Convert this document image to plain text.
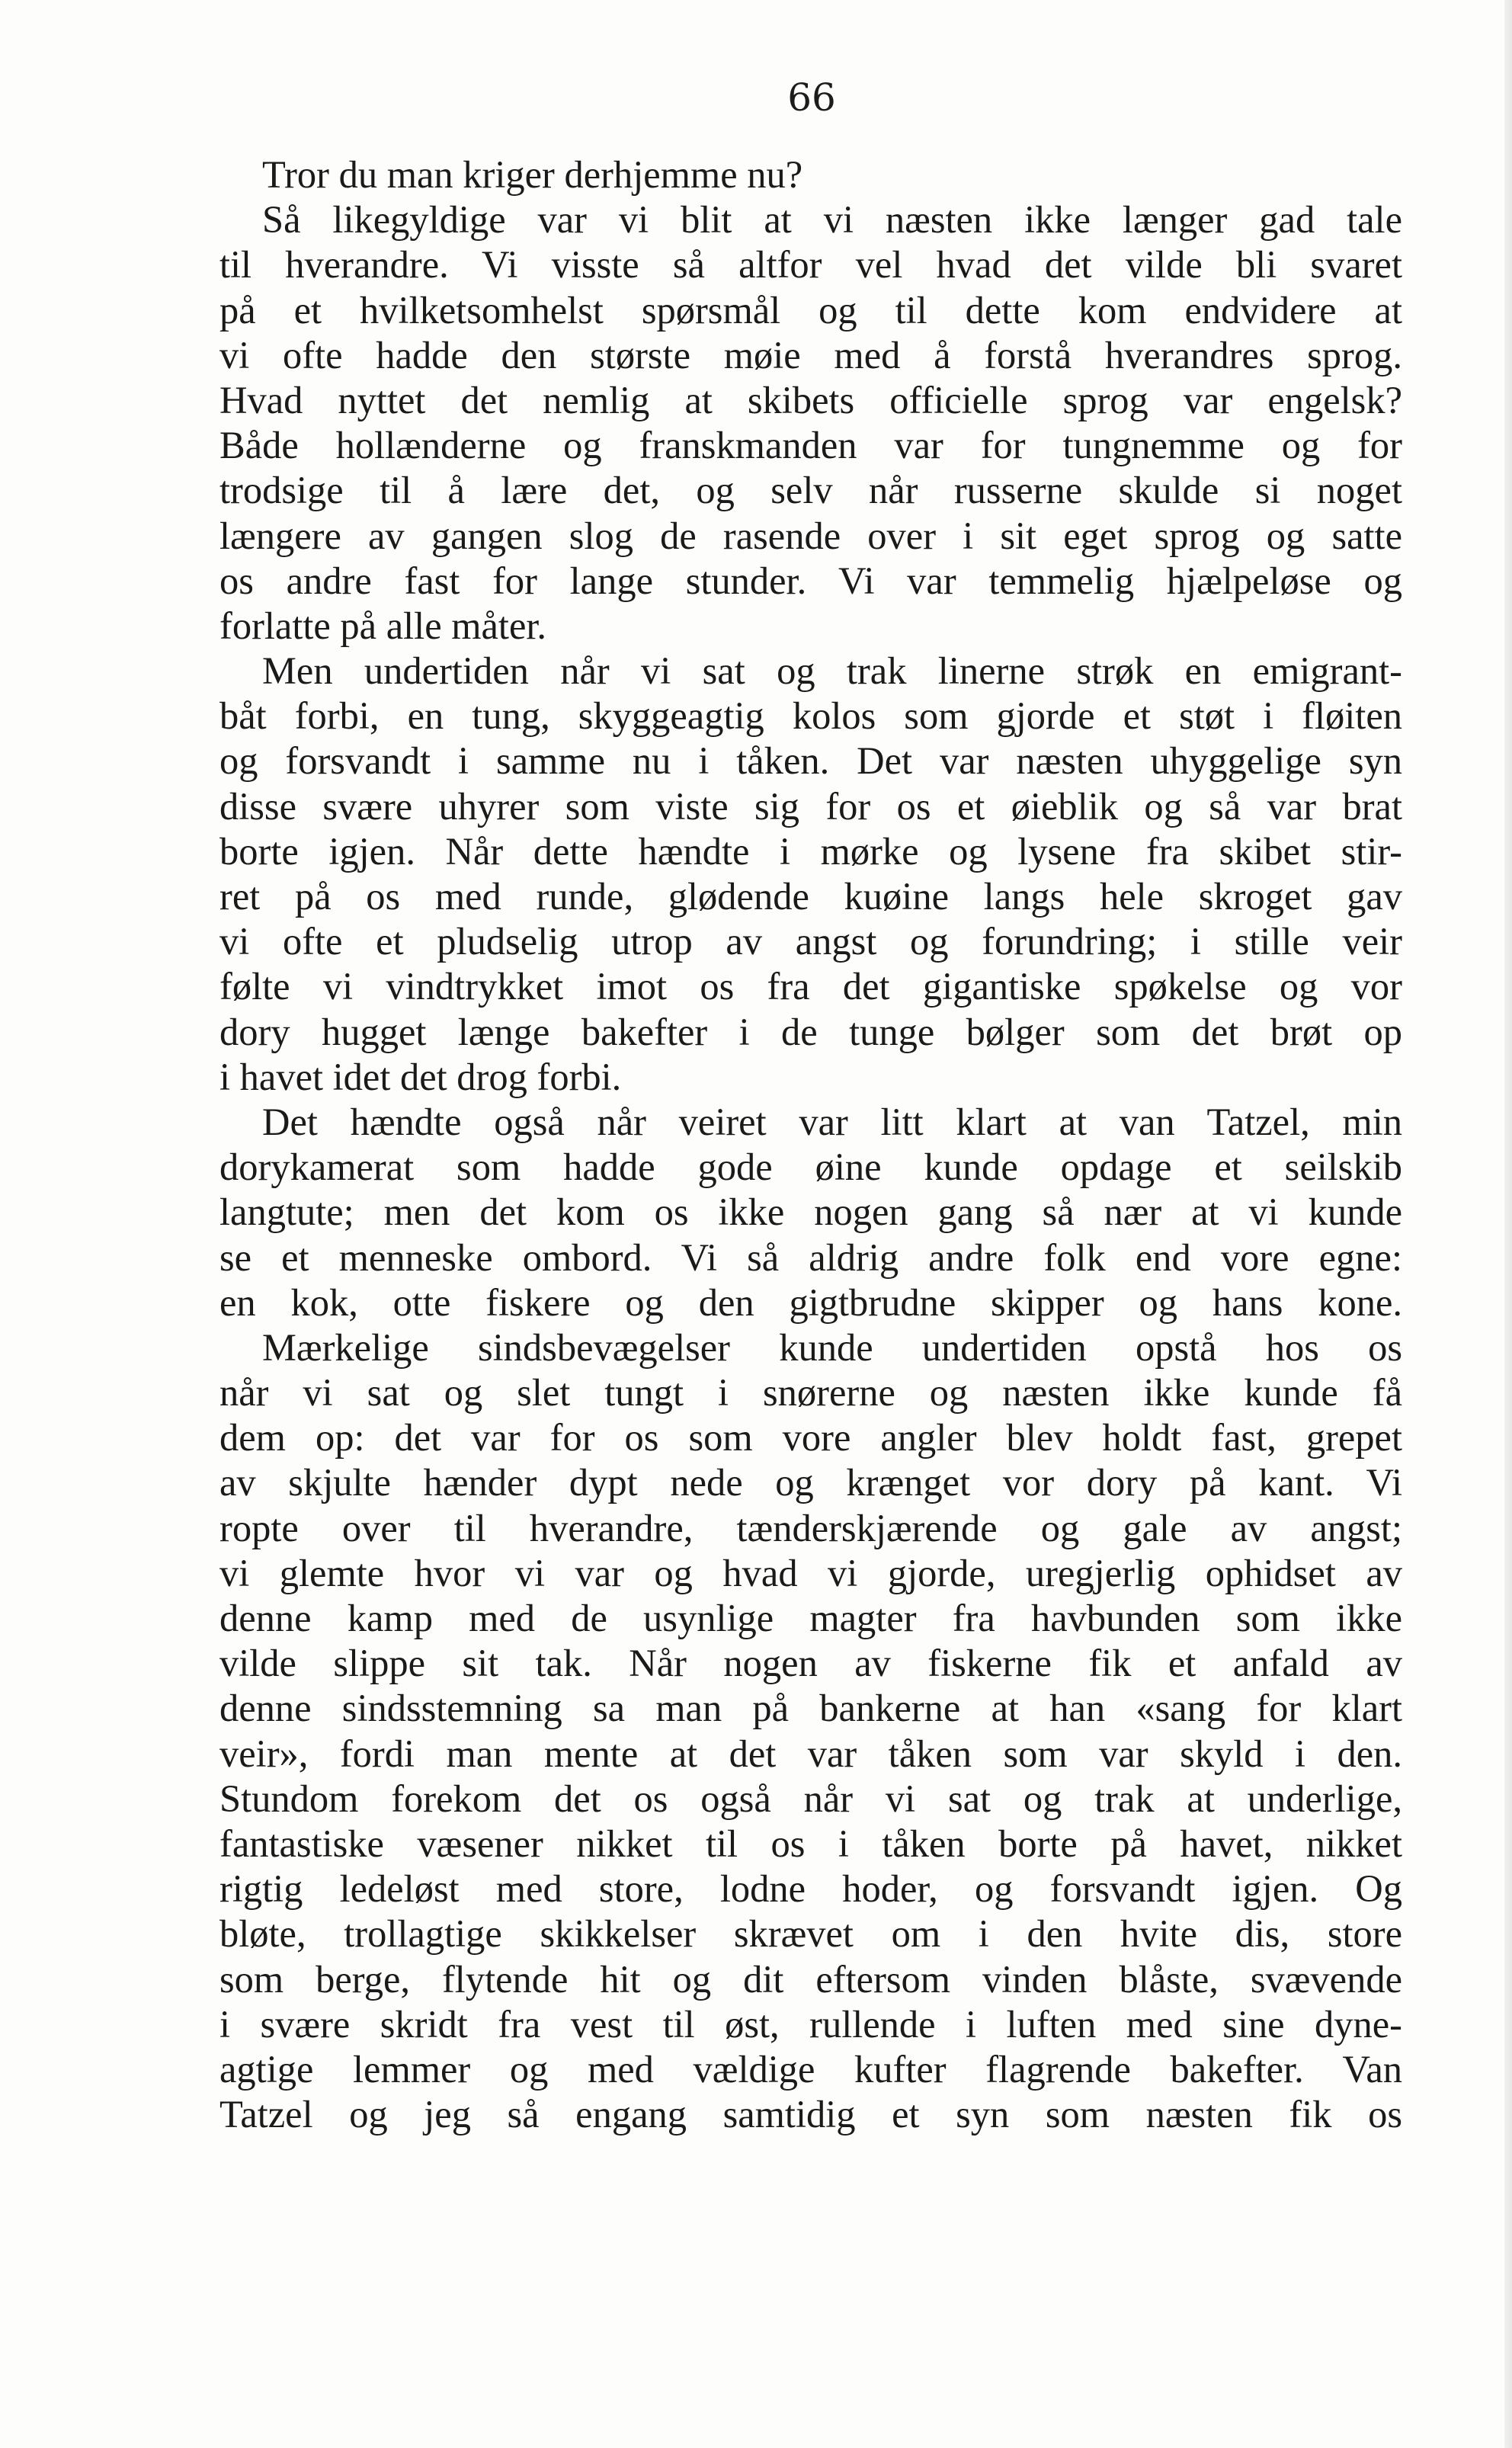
66
Tror du man kriger derhjemme nu?
Så likegyldige var vi blit at vi næsten ikke længer gad tale
til hverandre. Vi visste så altfor vel hvad det vilde bli svaret
på et hvilketsomhelst spørsmål og til dette kom endvidere at
vi ofte hadde den største møie med å forstå hverandres sprog.
Hvad nyttet det nemlig at skibets officielle sprog var engelsk?
Både hollænderne og franskmanden var for tungnemme og for
trodsige til å lære det, og selv når russerne skulde si noget
længere av gangen slog de rasende over i sit eget sprog og satte
os andre fast for lange stunder. Vi var temmelig hjælpeløse og
forlatte på alle måter.
Men undertiden når vi sat og trak linerne strøk en emigrant-
båt forbi, en tung, skyggeagtig kolos som gjorde et støt i fløiten
og forsvandt i samme nu i tåken. Det var næsten uhyggelige syn
disse svære uhyrer som viste sig for os et øieblik og så var brat
borte igjen. Når dette hændte i mørke og lysene fra skibet stir-
ret på os med runde, glødende kuøine langs hele skroget gav
vi ofte et pludselig utrop av angst og forundring; i stille veir
følte vi vindtrykket imot os fra det gigantiske spøkelse og vor
dory hugget længe bakefter i de tunge bølger som det brøt op
i havet idet det drog forbi.
Det hændte også når veiret var litt klart at van Tatzel, min
dorykamerat som hadde gode øine kunde opdage et seilskib
langtute; men det kom os ikke nogen gang så nær at vi kunde
se et menneske ombord. Vi så aldrig andre folk end vore egne:
en kok, otte fiskere og den gigtbrudne skipper og hans kone.
Mærkelige sindsbevægelser kunde undertiden opstå hos os
når vi sat og slet tungt i snørerne og næsten ikke kunde få
dem op: det var for os som vore angler blev holdt fast, grepet
av skjulte hænder dypt nede og krænget vor dory på kant. Vi
ropte over til hverandre, tænderskjærende og gale av angst;
vi glemte hvor vi var og hvad vi gjorde, uregjerlig ophidset av
denne kamp med de usynlige magter fra havbunden som ikke
vilde slippe sit tak. Når nogen av fiskerne fik et anfald av
denne sindsstemning sa man på bankerne at han «sang for klart
veir», fordi man mente at det var tåken som var skyld i den.
Stundom forekom det os også når vi sat og trak at underlige,
fantastiske væsener nikket til os i tåken borte på havet, nikket
rigtig ledeløst med store, lodne hoder, og forsvandt igjen. Og
bløte, trollagtige skikkelser skrævet om i den hvite dis, store
som berge, flytende hit og dit eftersom vinden blåste, svævende
i svære skridt fra vest til øst, rullende i luften med sine dyne-
agtige lemmer og med vældige kufter flagrende bakefter. Van
Tatzel og jeg så engang samtidig et syn som næsten fik os
